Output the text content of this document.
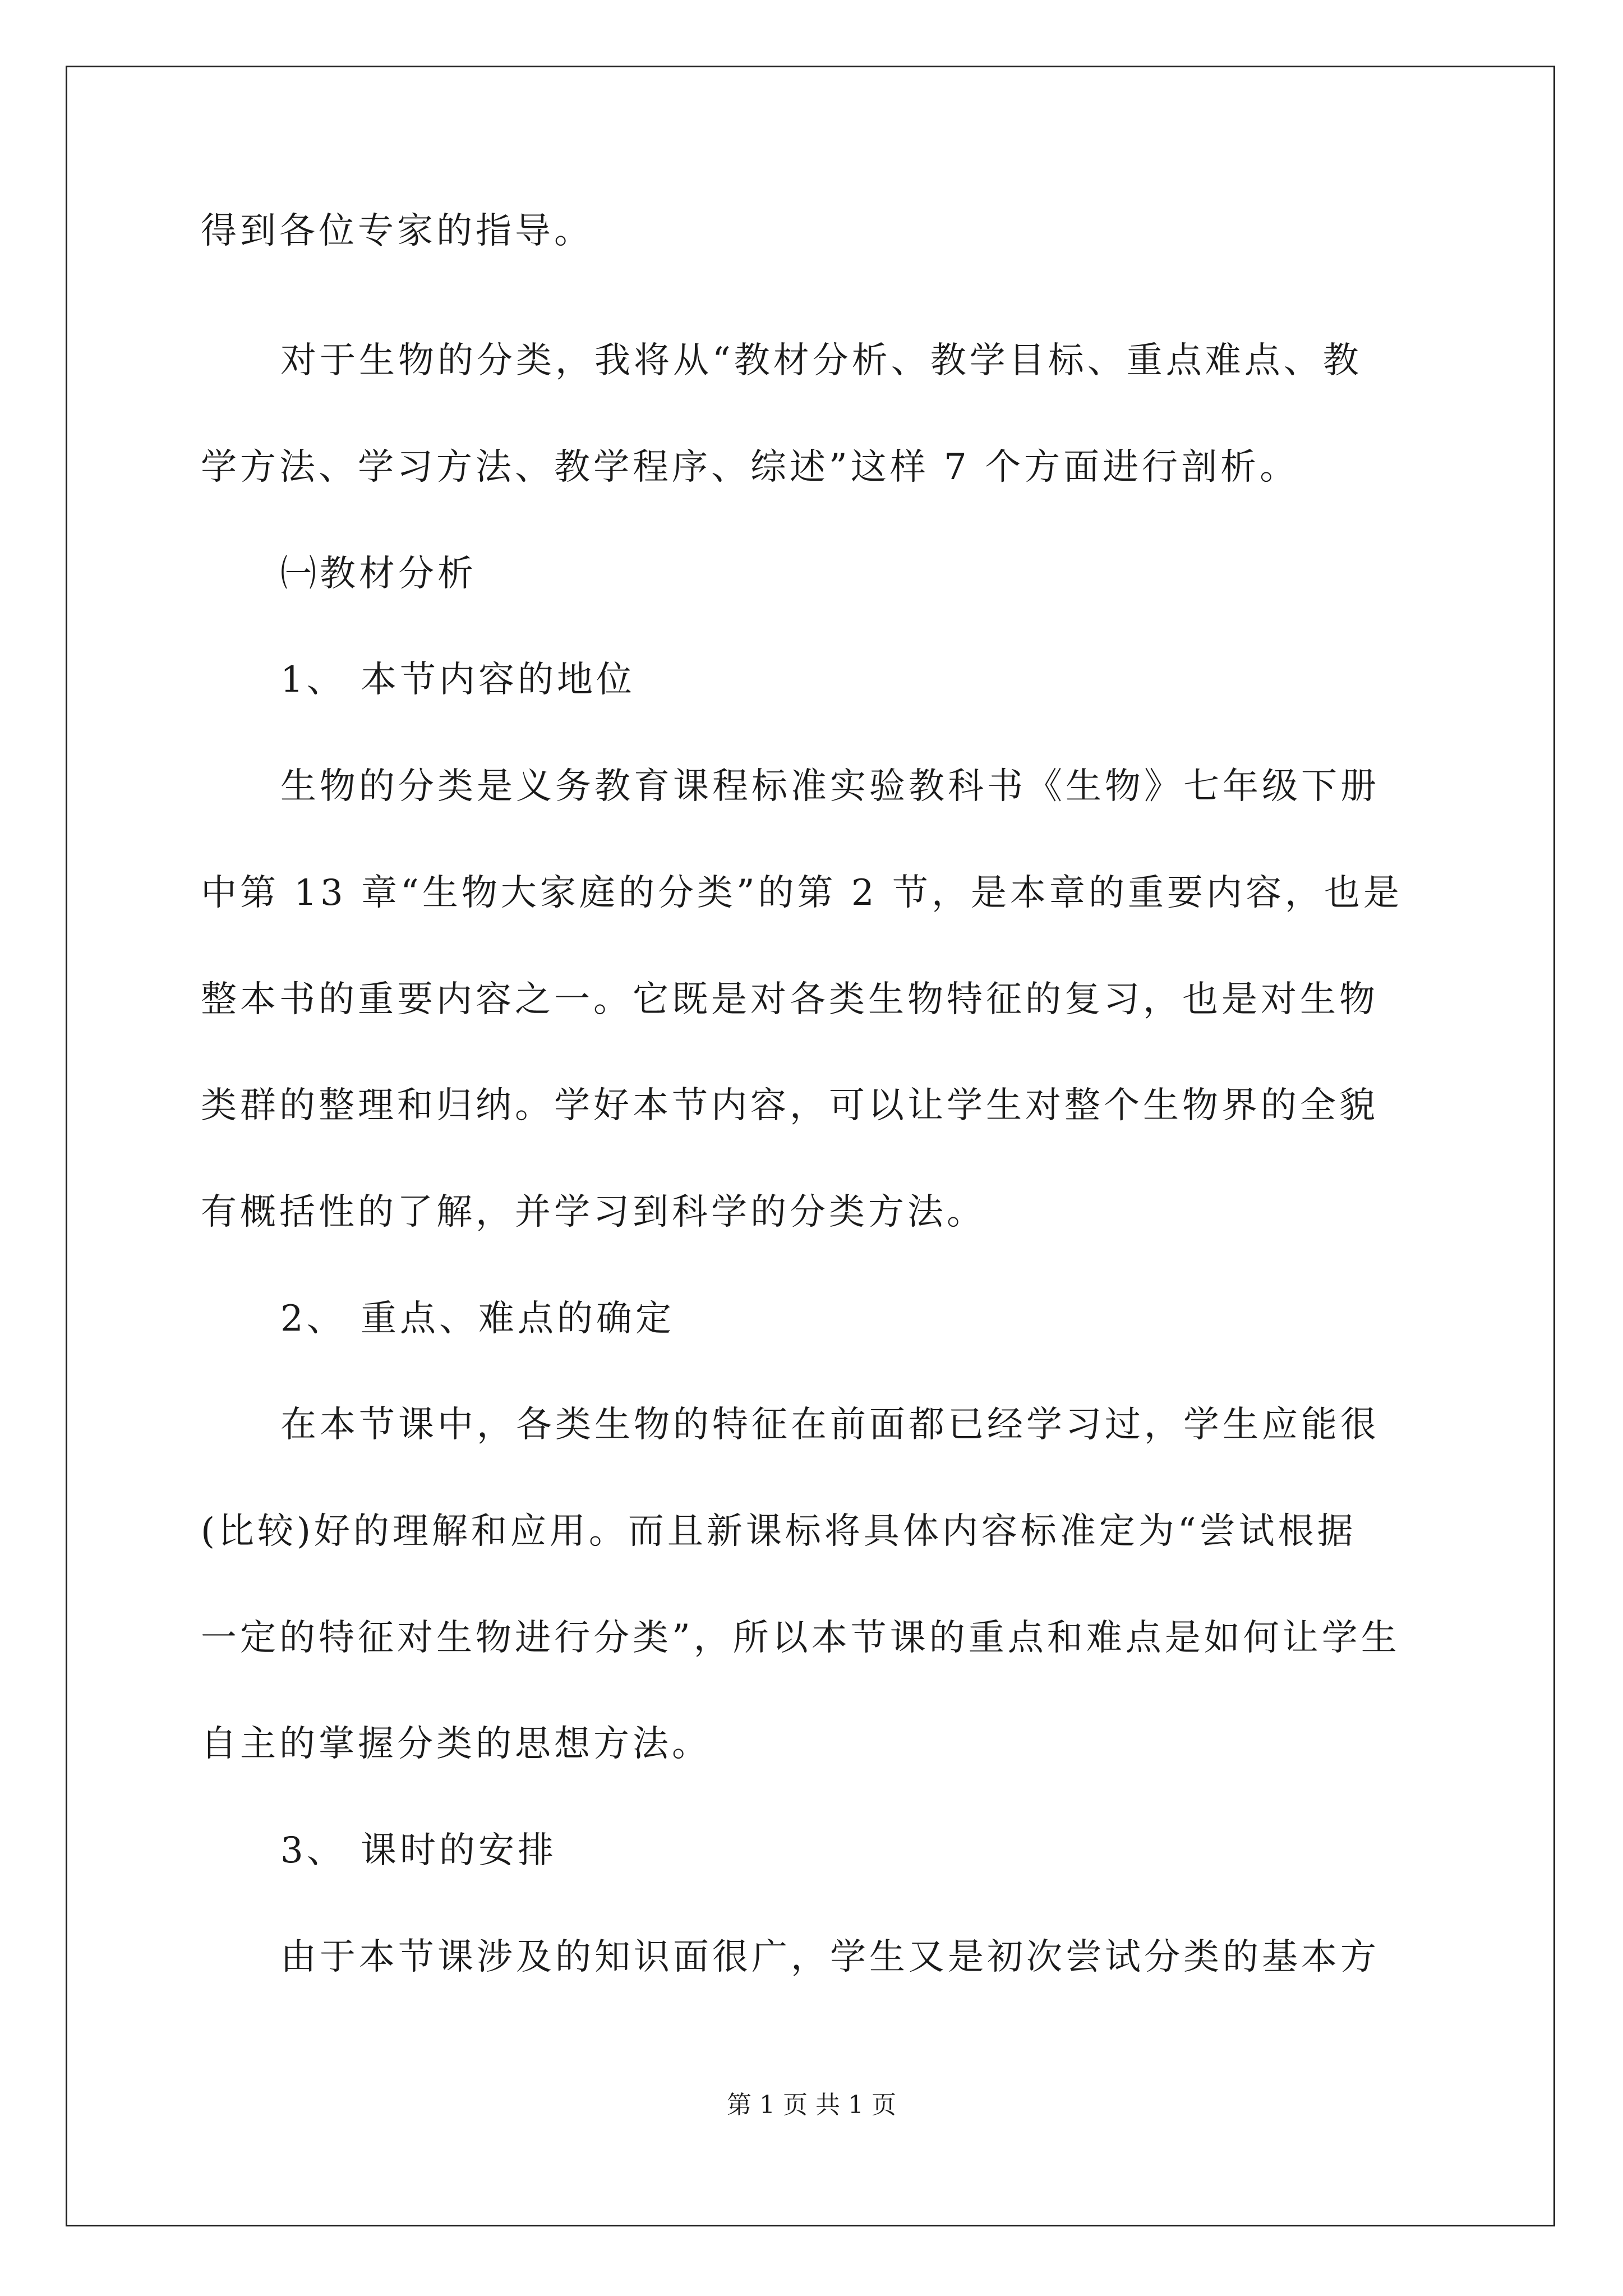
得到各位专家的指导。
对于生物的分类，我将从“教材分析、教学目标、重点难点、教
学方法、学习方法、教学程序、综述”这样 7 个方面进行剖析。
㈠教材分析
1、 本节内容的地位
生物的分类是义务教育课程标准实验教科书《生物》七年级下册
中第 13 章“生物大家庭的分类”的第 2 节，是本章的重要内容，也是
整本书的重要内容之一。它既是对各类生物特征的复习，也是对生物
类群的整理和归纳。学好本节内容，可以让学生对整个生物界的全貌
有概括性的了解，并学习到科学的分类方法。
2、 重点、难点的确定
在本节课中，各类生物的特征在前面都已经学习过，学生应能很
(比较)好的理解和应用。而且新课标将具体内容标准定为“尝试根据
一定的特征对生物进行分类”，所以本节课的重点和难点是如何让学生
自主的掌握分类的思想方法。
3、 课时的安排
由于本节课涉及的知识面很广，学生又是初次尝试分类的基本方
第 1 页 共 1 页
